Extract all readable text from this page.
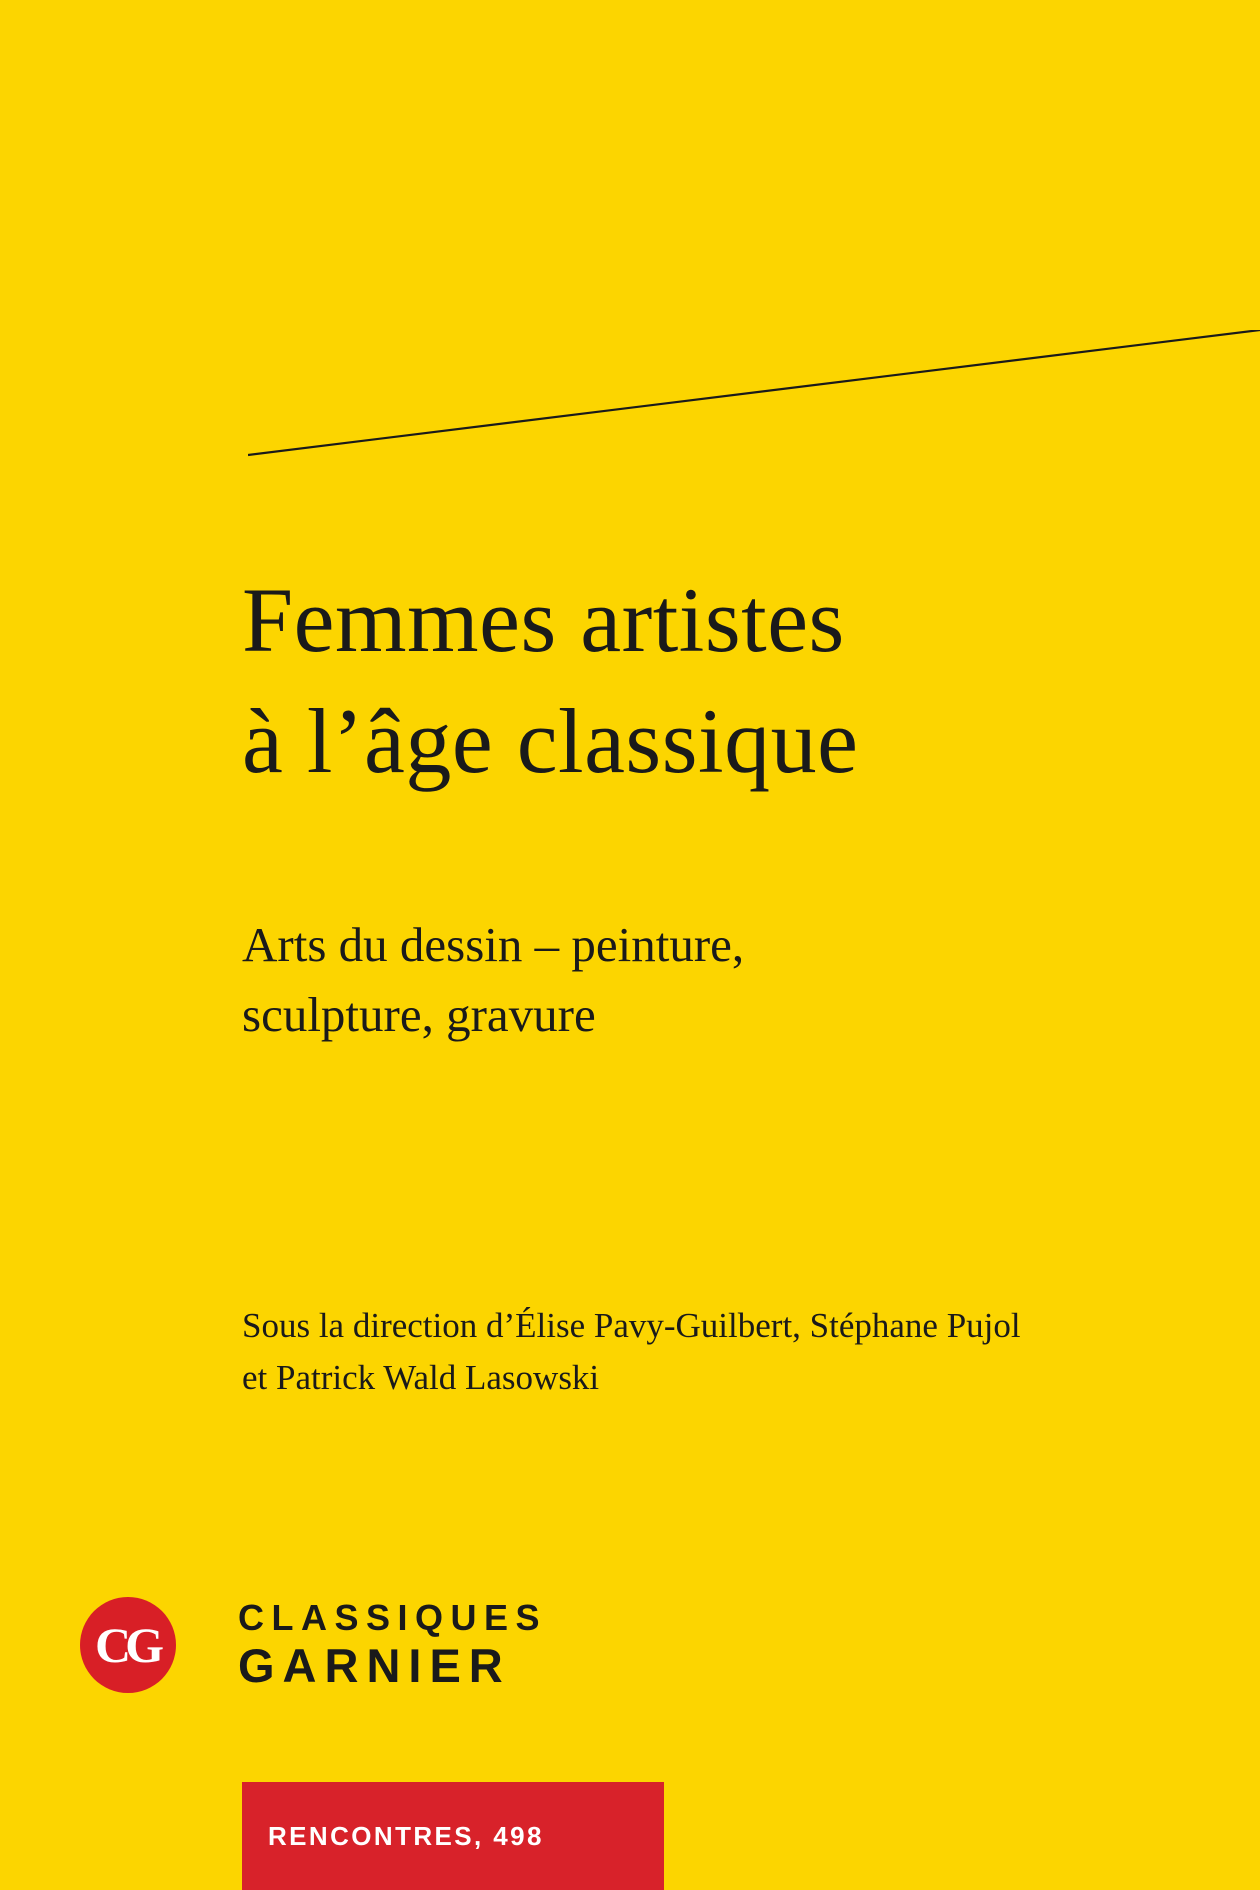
Femmes artistes
à l’âge classique
Arts du dessin – peinture,
sculpture, gravure
Sous la direction d’Élise Pavy-Guilbert, Stéphane Pujol
et Patrick Wald Lasowski
CG CLASSIQUES
GARNIER
RENCONTRES, 498
